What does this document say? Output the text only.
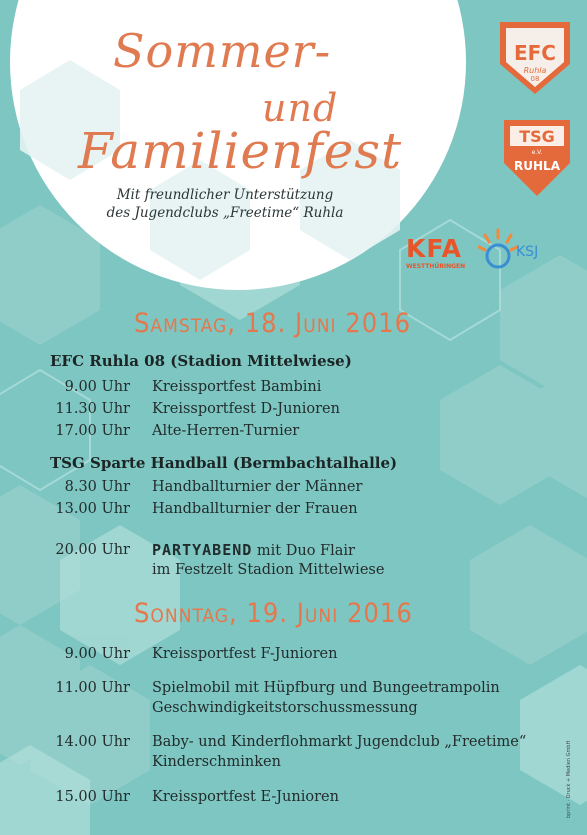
Sommer-
und
Familienfest
Mit freundlicher Unterstützung
des Jugendclubs „Freetime“ Ruhla
EFC
Ruhla
08
TSG
e.V.
RUHLA
KFA
WESTTHÜRINGEN
KSJ
Samstag, 18. Juni 2016
EFC Ruhla 08 (Stadion Mittelwiese)
9.00 Uhr Kreissportfest Bambini
11.30 Uhr Kreissportfest D-Junioren
17.00 Uhr Alte-Herren-Turnier
TSG Sparte Handball (Bermbachtalhalle)
8.30 Uhr Handballturnier der Männer
13.00 Uhr Handballturnier der Frauen
20.00 Uhr PARTYABEND mit Duo Flair
im Festzelt Stadion Mittelwiese
Sonntag, 19. Juni 2016
9.00 Uhr Kreissportfest F-Junioren
11.00 Uhr Spielmobil mit Hüpfburg und Bungeetrampolin
Geschwindigkeitstorschussmessung
14.00 Uhr Baby- und Kinderflohmarkt Jugendclub „Freetime“
Kinderschminken
15.00 Uhr Kreissportfest E-Junioren	bprint · Druck + Medien GmbH
